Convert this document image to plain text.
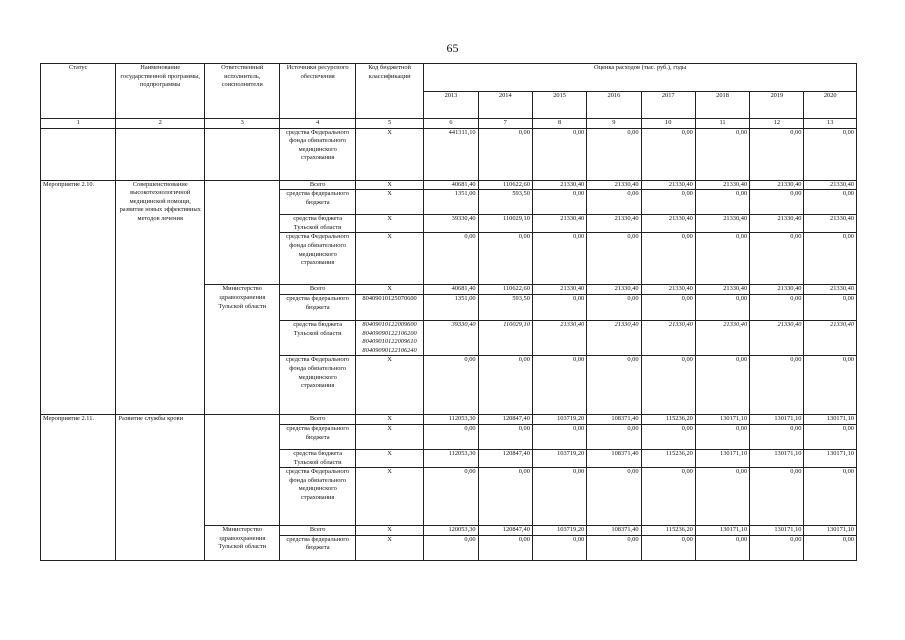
65
Статус	Наименование государственной программы, подпрограммы	Ответственный исполнитель, соисполнители	Источники ресурсного обеспечения	Код бюджетной классификации	Оценка расходов (тыс. руб.), годы							
					2013	2014	2015	2016	2017	2018	2019	2020
1	2	3	4	5	6	7	8	9	10	11	12	13
			средства Федерального фонда обязательного медицинского страхования	X	441311,10	0,00	0,00	0,00	0,00	0,00	0,00	0,00
Мероприятие 2.10.	Совершенствование высокотехнологичной медицинской помощи, развитие новых эффективных методов лечения		Всего	X	40681,40	110622,60	21330,40	21330,40	21330,40	21330,40	21330,40	21330,40
			средства федерального бюджета	X	1351,00	593,50	0,00	0,00	0,00	0,00	0,00	0,00
			средства бюджета Тульской области	X	39330,40	110029,10	21330,40	21330,40	21330,40	21330,40	21330,40	21330,40
			средства Федерального фонда обязательного медицинского страхования	X	0,00	0,00	0,00	0,00	0,00	0,00	0,00	0,00
		Министерство здравоохранения Тульской области	Всего	X	40681,40	110622,60	21330,40	21330,40	21330,40	21330,40	21330,40	21330,40
			средства федерального бюджета	80409010125070600	1351,00	593,50	0,00	0,00	0,00	0,00	0,00	0,00
			средства бюджета Тульской области	80409010122009600
80409090122106200
80409010122009610
80409090122106240	39330,40	110029,10	21330,40	21330,40	21330,40	21330,40	21330,40	21330,40
			средства Федерального фонда обязательного медицинского страхования	X	0,00	0,00	0,00	0,00	0,00	0,00	0,00	0,00
Мероприятие 2.11.	Развитие службы крови		Всего	X	112053,30	120847,40	103719,20	108371,40	115236,20	130171,10	130171,10	130171,10
			средства федерального бюджета	X	0,00	0,00	0,00	0,00	0,00	0,00	0,00	0,00
			средства бюджета Тульской области	X	112053,30	120847,40	103719,20	108371,40	115236,20	130171,10	130171,10	130171,10
			средства Федерального фонда обязательного медицинского страхования	X	0,00	0,00	0,00	0,00	0,00	0,00	0,00	0,00
		Министерство здравоохранения Тульской области	Всего	X	120053,30	120847,40	103719,20	108371,40	115236,20	130171,10	130171,10	130171,10
			средства федерального бюджета	X	0,00	0,00	0,00	0,00	0,00	0,00	0,00	0,00
